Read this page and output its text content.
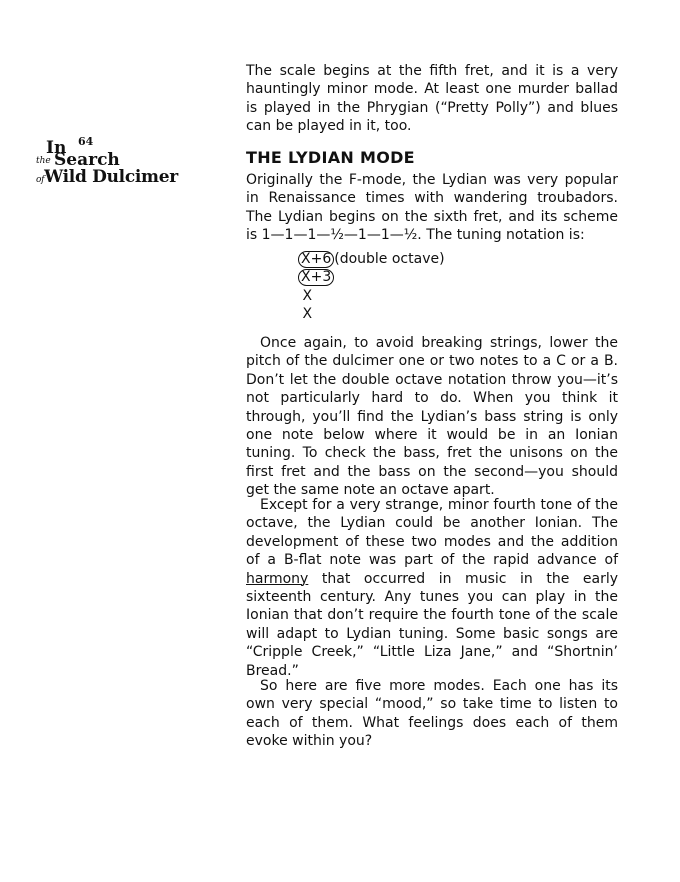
64
In
the Search
ofWild Dulcimer

The scale begins at the fifth fret, and it is a very hauntingly minor mode. At least one murder ballad is played in the Phrygian (“Pretty Polly”) and blues can be played in it, too.

THE LYDIAN MODE

Originally the F-mode, the Lydian was very popular in Renaissance times with wandering troubadors. The Lydian begins on the sixth fret, and its scheme is 1—1—1—½—1—1—½. The tuning notation is:

X+6 (double octave)
X+3
X
X

Once again, to avoid breaking strings, lower the pitch of the dulcimer one or two notes to a C or a B. Don’t let the double octave notation throw you—it’s not particularly hard to do. When you think it through, you’ll find the Lydian’s bass string is only one note below where it would be in an Ionian tuning. To check the bass, fret the unisons on the first fret and the bass on the second—you should get the same note an octave apart.

Except for a very strange, minor fourth tone of the octave, the Lydian could be another Ionian. The development of these two modes and the addition of a B-flat note was part of the rapid advance of harmony that occurred in music in the early sixteenth century. Any tunes you can play in the Ionian that don’t require the fourth tone of the scale will adapt to Lydian tuning. Some basic songs are “Cripple Creek,” “Little Liza Jane,” and “Shortnin’ Bread.”

So here are five more modes. Each one has its own very special “mood,” so take time to listen to each of them. What feelings does each of them evoke within you?
